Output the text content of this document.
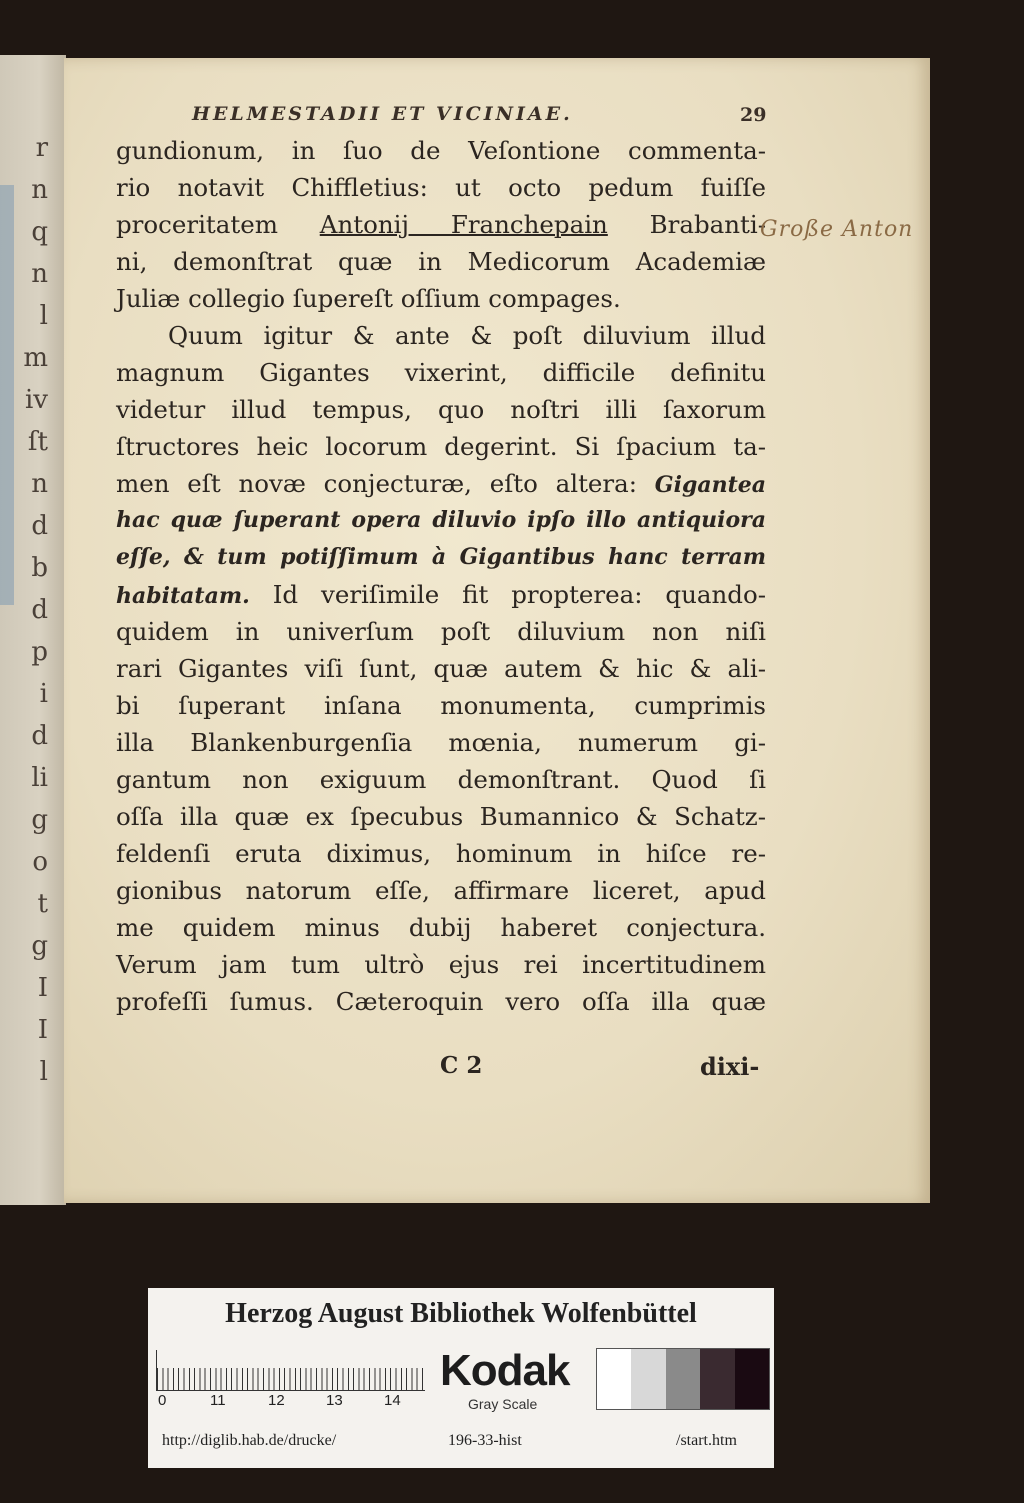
r
n
q
n
l
m
iv
ſt
n
d
b
d
p
i
d
li
g
o
t
g
I
I
l
HELMESTADII ET VICINIAE.	29
gundionum, in ſuo de Veſontione commenta-
rio notavit Chiffletius: ut octo pedum fuiſſe
proceritatem Antonij Franchepain Brabanti-
ni, demonſtrat quæ in Medicorum Academiæ
Juliæ collegio ſupereſt oſſium compages.
Quum igitur & ante & poſt diluvium illud
magnum Gigantes vixerint, difficile definitu
videtur illud tempus, quo noſtri illi ſaxorum
ſtructores heic locorum degerint. Si ſpacium ta-
men eſt novæ conjecturæ, eſto altera: Gigantea
hac quæ ſuperant opera diluvio ipſo illo antiquiora
eſſe, & tum potiſſimum à Gigantibus hanc terram
habitatam. Id veriſimile fit propterea: quando-
quidem in univerſum poſt diluvium non niſi
rari Gigantes viſi ſunt, quæ autem & hic & ali-
bi ſuperant inſana monumenta, cumprimis
illa Blankenburgenſia mœnia, numerum gi-
gantum non exiguum demonſtrant. Quod ſi
oſſa illa quæ ex ſpecubus Bumannico & Schatz-
feldenſi eruta diximus, hominum in hiſce re-
gionibus natorum eſſe, affirmare liceret, apud
me quidem minus dubij haberet conjectura.
Verum jam tum ultrò ejus rei incertitudinem
profeſſi ſumus. Cæteroquin vero oſſa illa quæ
Große Anton
C 2	dixi-
Herzog August Bibliothek Wolfenbüttel
0	11	12	13	14
Kodak
Gray Scale
http://diglib.hab.de/drucke/	196-33-hist	/start.htm
